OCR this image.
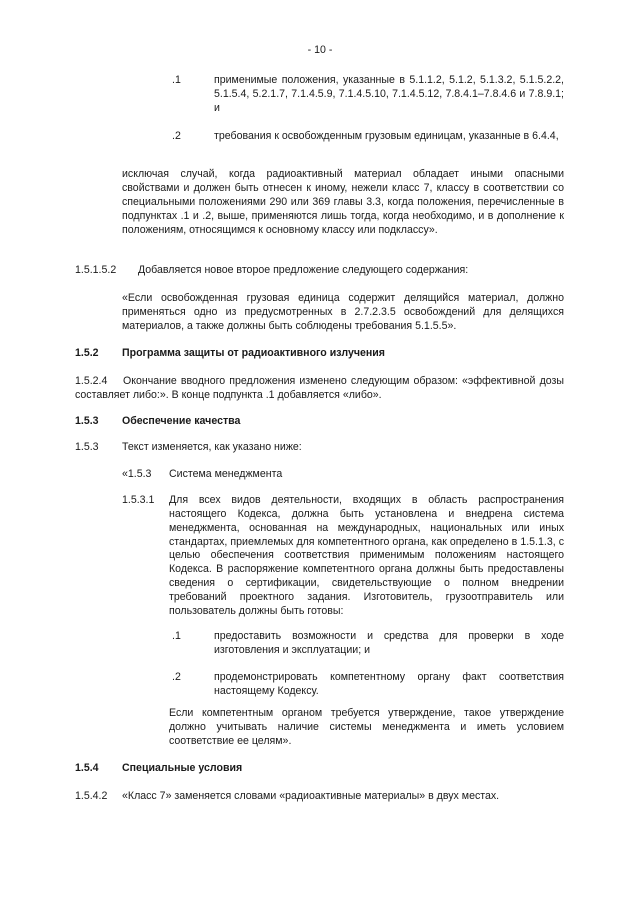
- 10 -
.1	применимые положения, указанные в 5.1.1.2, 5.1.2, 5.1.3.2, 5.1.5.2.2, 5.1.5.4, 5.2.1.7, 7.1.4.5.9, 7.1.4.5.10, 7.1.4.5.12, 7.8.4.1–7.8.4.6 и 7.8.9.1; и
.2	требования к освобожденным грузовым единицам, указанные в 6.4.4,
исключая случай, когда радиоактивный материал обладает иными опасными свойствами и должен быть отнесен к иному, нежели класс 7, классу в соответствии со специальными положениями 290 или 369 главы 3.3, когда положения, перечисленные в подпунктах .1 и .2, выше, применяются лишь тогда, когда необходимо, и в дополнение к положениям, относящимся к основному классу или подклассу».
1.5.1.5.2 Добавляется новое второе предложение следующего содержания:
«Если освобожденная грузовая единица содержит делящийся материал, должно применяться одно из предусмотренных в 2.7.2.3.5 освобождений для делящихся материалов, а также должны быть соблюдены требования 5.1.5.5».
1.5.2 Программа защиты от радиоактивного излучения
1.5.2.4	Окончание вводного предложения изменено следующим образом: «эффективной дозы составляет либо:». В конце подпункта .1 добавляется «либо».
1.5.3 Обеспечение качества
1.5.3 Текст изменяется, как указано ниже:
«1.5.3 Система менеджмента
1.5.3.1 Для всех видов деятельности, входящих в область распространения настоящего Кодекса, должна быть установлена и внедрена система менеджмента, основанная на международных, национальных или иных стандартах, приемлемых для компетентного органа, как определено в 1.5.1.3, с целью обеспечения соответствия применимым положениям настоящего Кодекса. В распоряжение компетентного органа должны быть предоставлены сведения о сертификации, свидетельствующие о полном внедрении требований проектного задания. Изготовитель, грузоотправитель или пользователь должны быть готовы:
.1	предоставить возможности и средства для проверки в ходе изготовления и эксплуатации; и
.2	продемонстрировать компетентному органу факт соответствия настоящему Кодексу.
Если компетентным органом требуется утверждение, такое утверждение должно учитывать наличие системы менеджмента и иметь условием соответствие ее целям».
1.5.4 Специальные условия
1.5.4.2 «Класс 7» заменяется словами «радиоактивные материалы» в двух местах.
